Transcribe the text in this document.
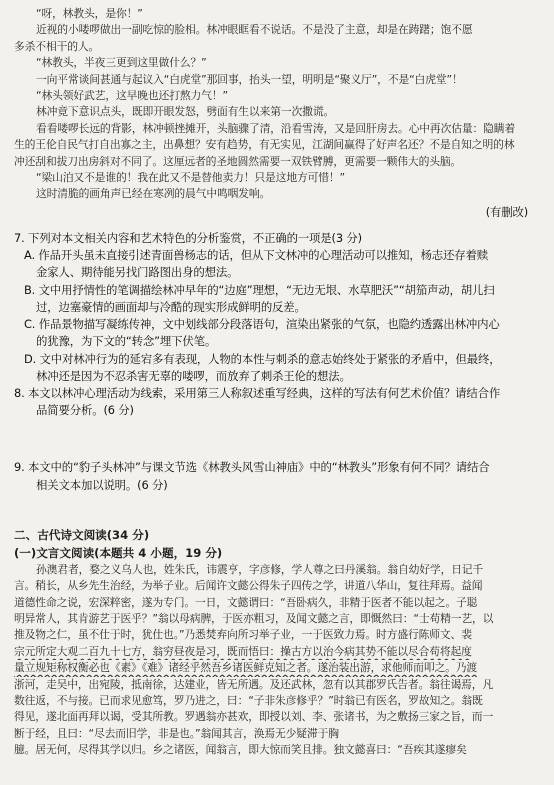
“呀，林教头，是你！”
近视的小喽啰做出一副吃惊的脸相。林冲眼眶看不说话。不是没了主意，却是在踌躇；饱不愿
多杀不相干的人。
“林教头，半夜三更到这里做什么？”
一向平常谈间甚通与起议入“白虎堂”那回事，抬头一望，明明是“聚义厅”，不是“白虎堂”！
“林头领好武艺，这早晚也还打熬力气！”
林冲竟下意识点头，既即开眼发怒，劈面有生以来第一次撒谎。
看看喽啰长远的背影，林冲顿挫摊开，头脑骤了清，沿看雪涛，又是回肝房去。心中再次估量：隐瞒着
生的王伦自民气打自出寡之主，出鼻想？安有趋势，有无实见，江湖间赢得了好声名还？不是自知之明的林
冲还刮和拔刀出房斜对不同了。这厘远者的圣地圆然需要一双铁臂膊，更需要一颗伟大的头脑。
“梁山泊又不是谁的！我在此又不是替他卖力！只是这地方可惜！”
这时清脆的画角声已经在寒冽的晨气中鸣咽发响。
(有删改)
7. 下列对本文相关内容和艺术特色的分析鉴赏，不正确的一项是(3 分)
A. 作品开头虽未直接引述青面兽杨志的话，但从下文林冲的心理活动可以推知，杨志还存着赎
金家人、期待能另找门路图出身的想法。
B. 文中用抒情性的笔调描绘林冲早年的“边庭”理想，“无边无垠、水草肥沃”“胡笳声动，胡儿扫
过，边塞豪情的画面却与冷酷的现实形成鲜明的反差。
C. 作品景物描写凝练传神，文中划线部分段落语句，渲染出紧张的气氛，也隐约透露出林冲内心
的犹豫，为下文的“转念”埋下伏笔。
D. 文中对林冲行为的延宕多有表现，人物的本性与刺杀的意志始终处于紧张的矛盾中，但最终，
林冲还是因为不忍杀害无辜的喽啰，而放弃了刺杀王伦的想法。
8. 本文以林冲心理活动为线索，采用第三人称叙述重写经典，这样的写法有何艺术价值？请结合作
品简要分析。(6 分)
9. 本文中的“豹子头林冲”与课文节选《林教头风雪山神庙》中的“林教头”形象有何不同？请结合
相关文本加以说明。(6 分)
二、古代诗文阅读(34 分)
(一)文言文阅读(本题共 4 小题，19 分)
孙澳君者，婺之义乌人也，姓朱氏，讳震亨，字彦修，学人尊之曰丹溪翁。翁自幼好学，日记千
言。稍长，从乡先生治经，为举子业。后闻许文懿公得朱子四传之学，讲道八华山，复往拜焉。益闻
道德性命之说，宏深粹密，遂为专门。一日，文懿谓曰：“吾卧病久，非精于医者不能以起之。子聪
明异常人，其肯游艺于医乎？”翁以母病脾，于医亦粗习，及闻文懿之言，即慨然曰：“士苟精一艺，以
推及物之仁，虽不仕于时，犹仕也。”乃悉焚弃向所习举子业，一于医致力焉。时方盛行陈师文、裴
宗元所定大观二百九十七方，翁穷昼夜是习，既而悟曰：操古方以治今病其势不能以尽合苟将起度
量立规矩称权衡必也《素》《难》诸经乎然吾乡诸医鲜克知之者。遂治装出游，求他师而叩之。乃渡
浙河，走吴中，出宛陵，抵南徐，达建业，皆无所遇。及还武林，忽有以其郡罗氏告者。翁往谒焉，凡
数往返，不与接。已而求见愈笃，罗乃进之，曰：“子非朱彦修乎？”时翁已有医名，罗故知之。翁既
得见，遂北面再拜以谒，受其所教。罗遇翁亦甚欢，即授以刘、李、张诸书，为之敷扬三家之旨，而一
断于经，且曰：“尽去而旧学，非是也。”翁闻其言，涣焉无少疑滞于胸
臆。居无何，尽得其学以归。乡之诸医，闻翁言，即大惊而笑且排。独文懿喜曰：“吾疾其遂瘳矣
